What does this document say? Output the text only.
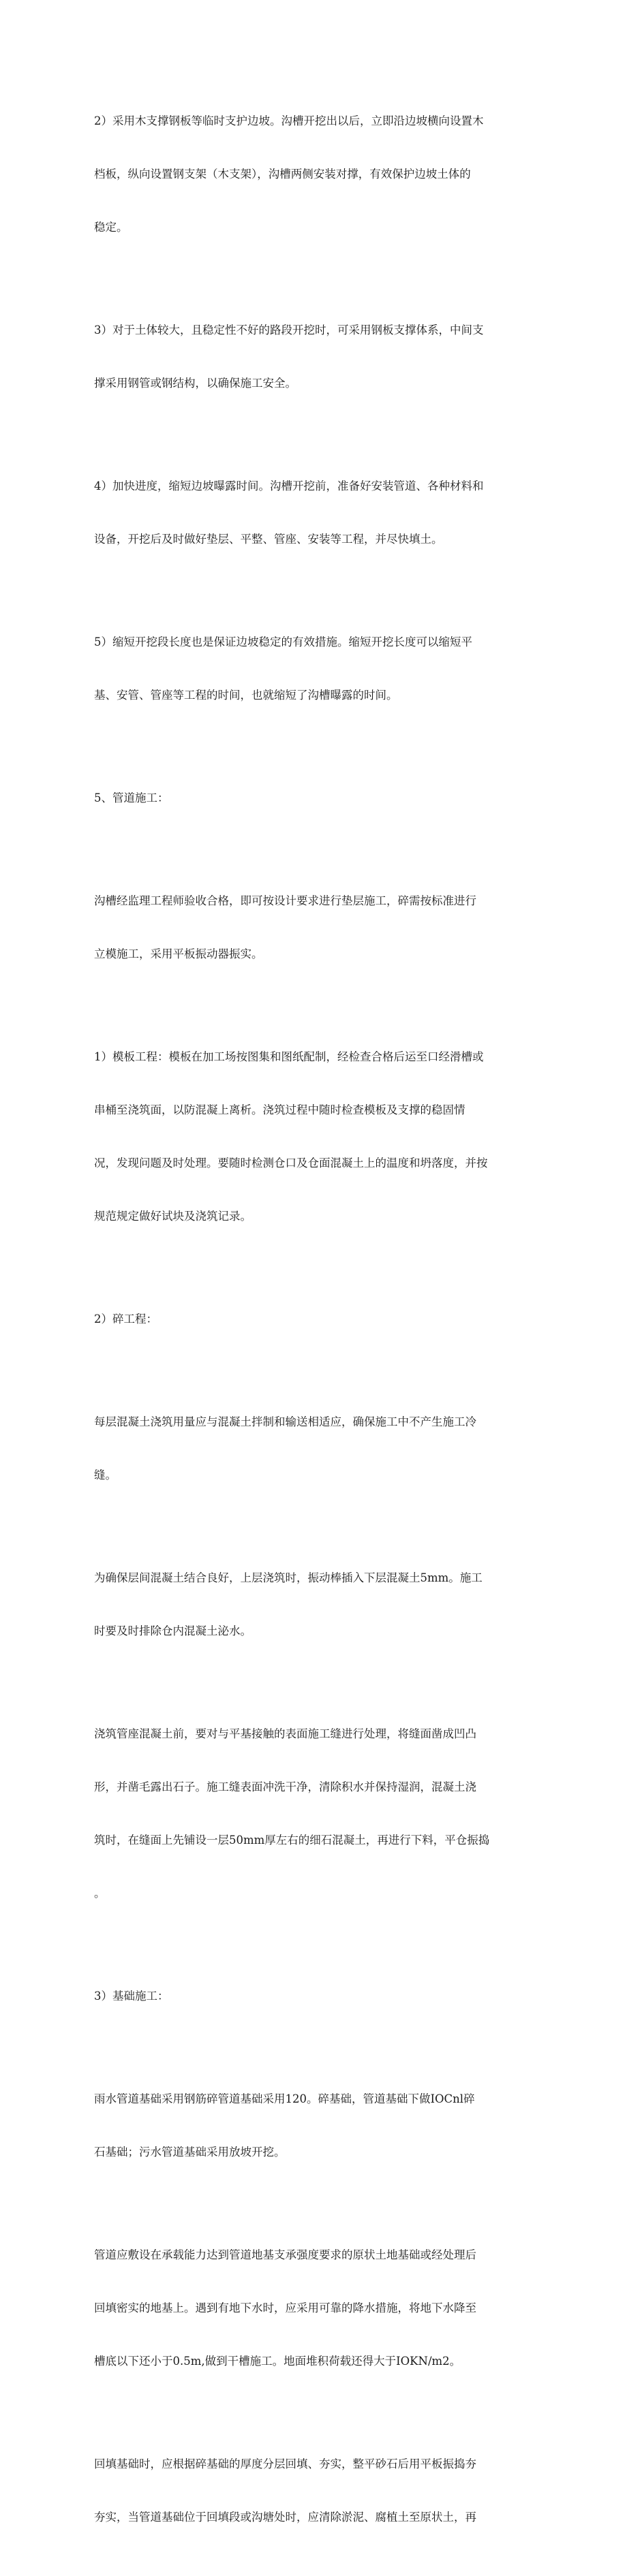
2）采用木支撑钢板等临时支护边坡。沟槽开挖出以后，立即沿边坡横向设置木

档板，纵向设置钢支架（木支架），沟槽两侧安装对撑，有效保护边坡土体的

稳定。

3）对于土体较大，且稳定性不好的路段开挖时，可采用钢板支撑体系，中间支

撑采用钢管或钢结构，以确保施工安全。

4）加快进度，缩短边坡曝露时间。沟槽开挖前，准备好安装管道、各种材料和

设备，开挖后及时做好垫层、平整、管座、安装等工程，并尽快填土。

5）缩短开挖段长度也是保证边坡稳定的有效措施。缩短开挖长度可以缩短平

基、安管、管座等工程的时间，也就缩短了沟槽曝露的时间。

5、管道施工：

沟槽经监理工程师验收合格，即可按设计要求进行垫层施工，碎需按标准进行

立模施工，采用平板振动器振实。

1）模板工程：模板在加工场按图集和图纸配制，经检查合格后运至口经滑槽或

串桶至浇筑面，以防混凝上离析。浇筑过程中随时检查模板及支撑的稳固情

况，发现问题及时处理。要随时检测仓口及仓面混凝土上的温度和坍落度，并按

规范规定做好试块及浇筑记录。

2）碎工程：

每层混凝土浇筑用量应与混凝土拌制和输送相适应，确保施工中不产生施工冷

缝。

为确保层间混凝土结合良好，上层浇筑时，振动棒插入下层混凝土5mm。施工

时要及时排除仓内混凝土泌水。

浇筑管座混凝土前，要对与平基接触的表面施工缝进行处理，将缝面凿成凹凸

形，并凿毛露出石子。施工缝表面冲洗干净，清除积水并保持湿润，混凝土浇

筑时，在缝面上先铺设一层50mm厚左右的细石混凝土，再进行下料，平仓振捣

。

3）基础施工：

雨水管道基础采用钢筋碎管道基础采用120。碎基础，管道基础下做IOCnl碎

石基础；污水管道基础采用放坡开挖。

管道应敷设在承载能力达到管道地基支承强度要求的原状土地基础或经处理后

回填密实的地基上。遇到有地下水时，应采用可靠的降水措施，将地下水降至

槽底以下还小于0.5m,做到干槽施工。地面堆积荷载还得大于IOKN/m2。

回填基础时，应根据碎基础的厚度分层回填、夯实，整平砂石后用平板振捣夯

夯实，当管道基础位于回填段或沟塘处时，应清除淤泥、腐植土至原状土，再
